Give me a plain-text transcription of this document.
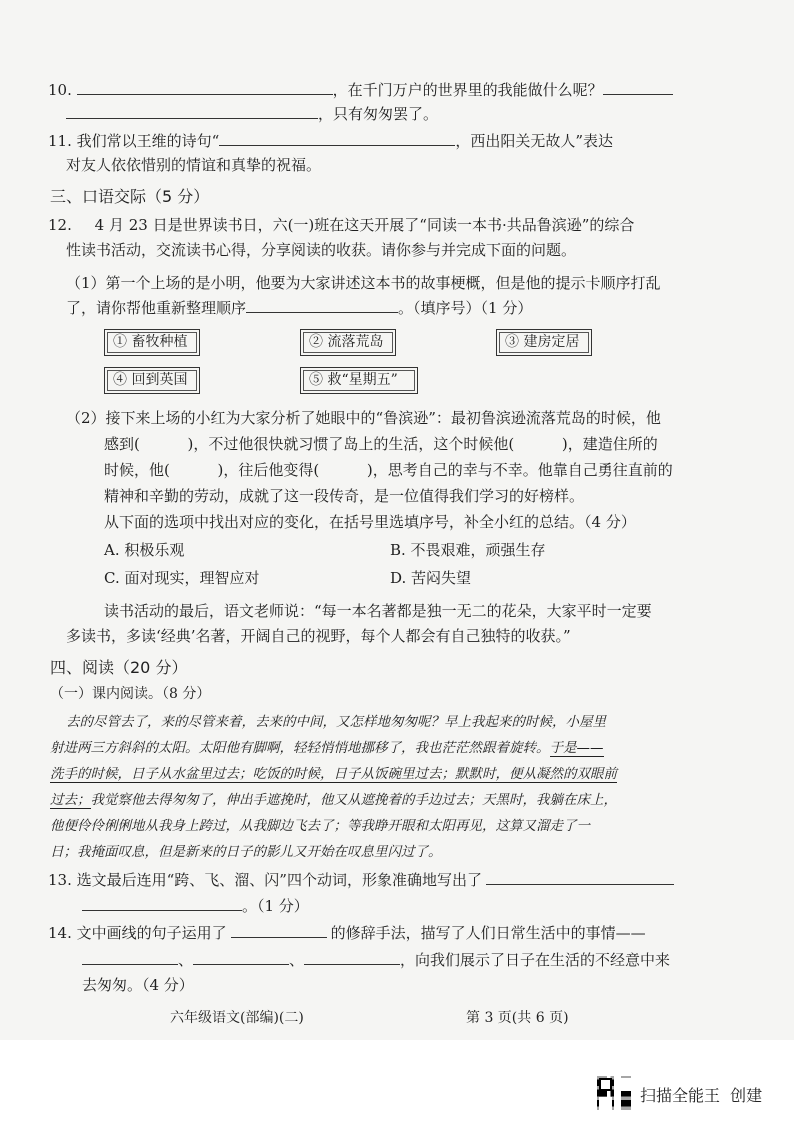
10.	，在千门万户的世界里的我能做什么呢？
，只有匆匆罢了。
11. 我们常以王维的诗句“	，西出阳关无故人”表达
对友人依依惜别的情谊和真挚的祝福。
三、口语交际（5 分）
12. 4 月 23 日是世界读书日，六(一)班在这天开展了“同读一本书·共品鲁滨逊”的综合
性读书活动，交流读书心得，分享阅读的收获。请你参与并完成下面的问题。
（1）第一个上场的是小明，他要为大家讲述这本书的故事梗概，但是他的提示卡顺序打乱
了，请你帮他重新整理顺序	。（填序号）（1 分）
① 畜牧种植	② 流落荒岛	③ 建房定居
④ 回到英国	⑤ 救“星期五”
（2）接下来上场的小红为大家分析了她眼中的“鲁滨逊”：最初鲁滨逊流落荒岛的时候，他
感到(          )，不过他很快就习惯了岛上的生活，这个时候他(          )，建造住所的
时候，他(          )，往后他变得(          )，思考自己的幸与不幸。他靠自己勇往直前的
精神和辛勤的劳动，成就了这一段传奇，是一位值得我们学习的好榜样。
从下面的选项中找出对应的变化，在括号里选填序号，补全小红的总结。（4 分）
A. 积极乐观	B. 不畏艰难，顽强生存
C. 面对现实，理智应对	D. 苦闷失望
读书活动的最后，语文老师说：“每一本名著都是独一无二的花朵，大家平时一定要
多读书，多读‘经典’名著，开阔自己的视野，每个人都会有自己独特的收获。”
四、阅读（20 分）
（一）课内阅读。（8 分）
去的尽管去了，来的尽管来着，去来的中间，又怎样地匆匆呢？早上我起来的时候，小屋里
射进两三方斜斜的太阳。太阳他有脚啊，轻轻悄悄地挪移了，我也茫茫然跟着旋转。于是——
洗手的时候，日子从水盆里过去；吃饭的时候，日子从饭碗里过去；默默时，便从凝然的双眼前
过去；我觉察他去得匆匆了，伸出手遮挽时，他又从遮挽着的手边过去；天黑时，我躺在床上，
他便伶伶俐俐地从我身上跨过，从我脚边飞去了；等我睁开眼和太阳再见，这算又溜走了一
日；我掩面叹息，但是新来的日子的影儿又开始在叹息里闪过了。
13. 选文最后连用“跨、飞、溜、闪”四个动词，形象准确地写出了
。（1 分）
14. 文中画线的句子运用了	的修辞手法，描写了人们日常生活中的事情——
、	、	，向我们展示了日子在生活的不经意中来
去匆匆。（4 分）
六年级语文(部编)(二)	第 3 页(共 6 页)
扫描全能王  创建
